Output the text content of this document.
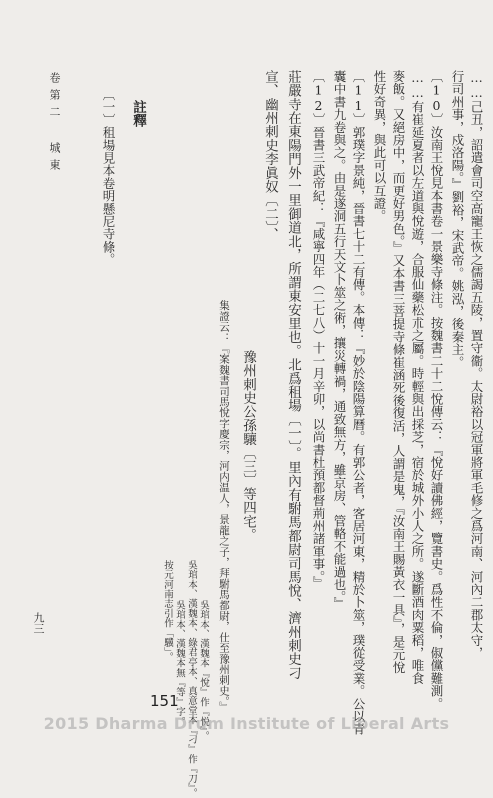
卷第二 城東
九三	……己丑，詔遣會司空高寵王恢之儒謁五陵，置守衞。太尉裕以冠軍將軍毛修之爲河南、河內二郡太守，
行司州事，戍洛陽。』劉裕，宋武帝。姚泓，後秦主。
〔10〕汝南王悅見本書卷一景樂寺條注。按魏書二十二悅傳云：『悅好讀佛經，覽書史。爲性不倫，俶儻難測。
……有崔延夏者以左道與悅遊，合服仙藥松朮之屬。時輕與出採芝，宿於城外小人之所。遂斷酒肉粟稻，唯食
麥飯。又絕房中，而更好男色。』又本書三菩提寺條崔涵死後復活，人謂是鬼，『汝南王賜黃衣一具』，是元悅
性好奇異，與此可以互證。
〔11〕郭璞字景純，晉書七十二有傳。本傳：『妙於陰陽算曆。有郭公者，客居河東，精於卜筮，璞從受業。公以青
囊中書九卷與之。由是遂洞五行天文卜筮之術，攘災轉禍，通致無方，雖京房、管輅不能過也。』
〔12〕晉書三武帝紀：『咸寧四年（二七八）十一月辛卯，以尚書杜預都督荊州諸軍事。』
莊嚴寺在東陽門外一里御道北，所謂東安里也。北爲租場〔一〕。里內有駙馬都尉司馬悅、濟州刺史刁
宣、幽州刺史李眞奴〔二〕、
豫州刺史公孫驤〔三〕等四宅。
集證云：『案魏書司馬悅字慶宗，河内温人，景龍之子，拜駙馬都尉，仕至豫州刺史。』
吳琯本、漢魏本『悅』作『悦』。
吳琯本、漢魏本、綠君亭本、真意堂本『刁』作『刀』。
吳琯本、漢魏本無『等』字。
按元河南志引作「驥」。
註釋
〔一〕租場見本卷明懸尼寺條。
151
2015 Dharma Drum Institute of Liberal Arts
